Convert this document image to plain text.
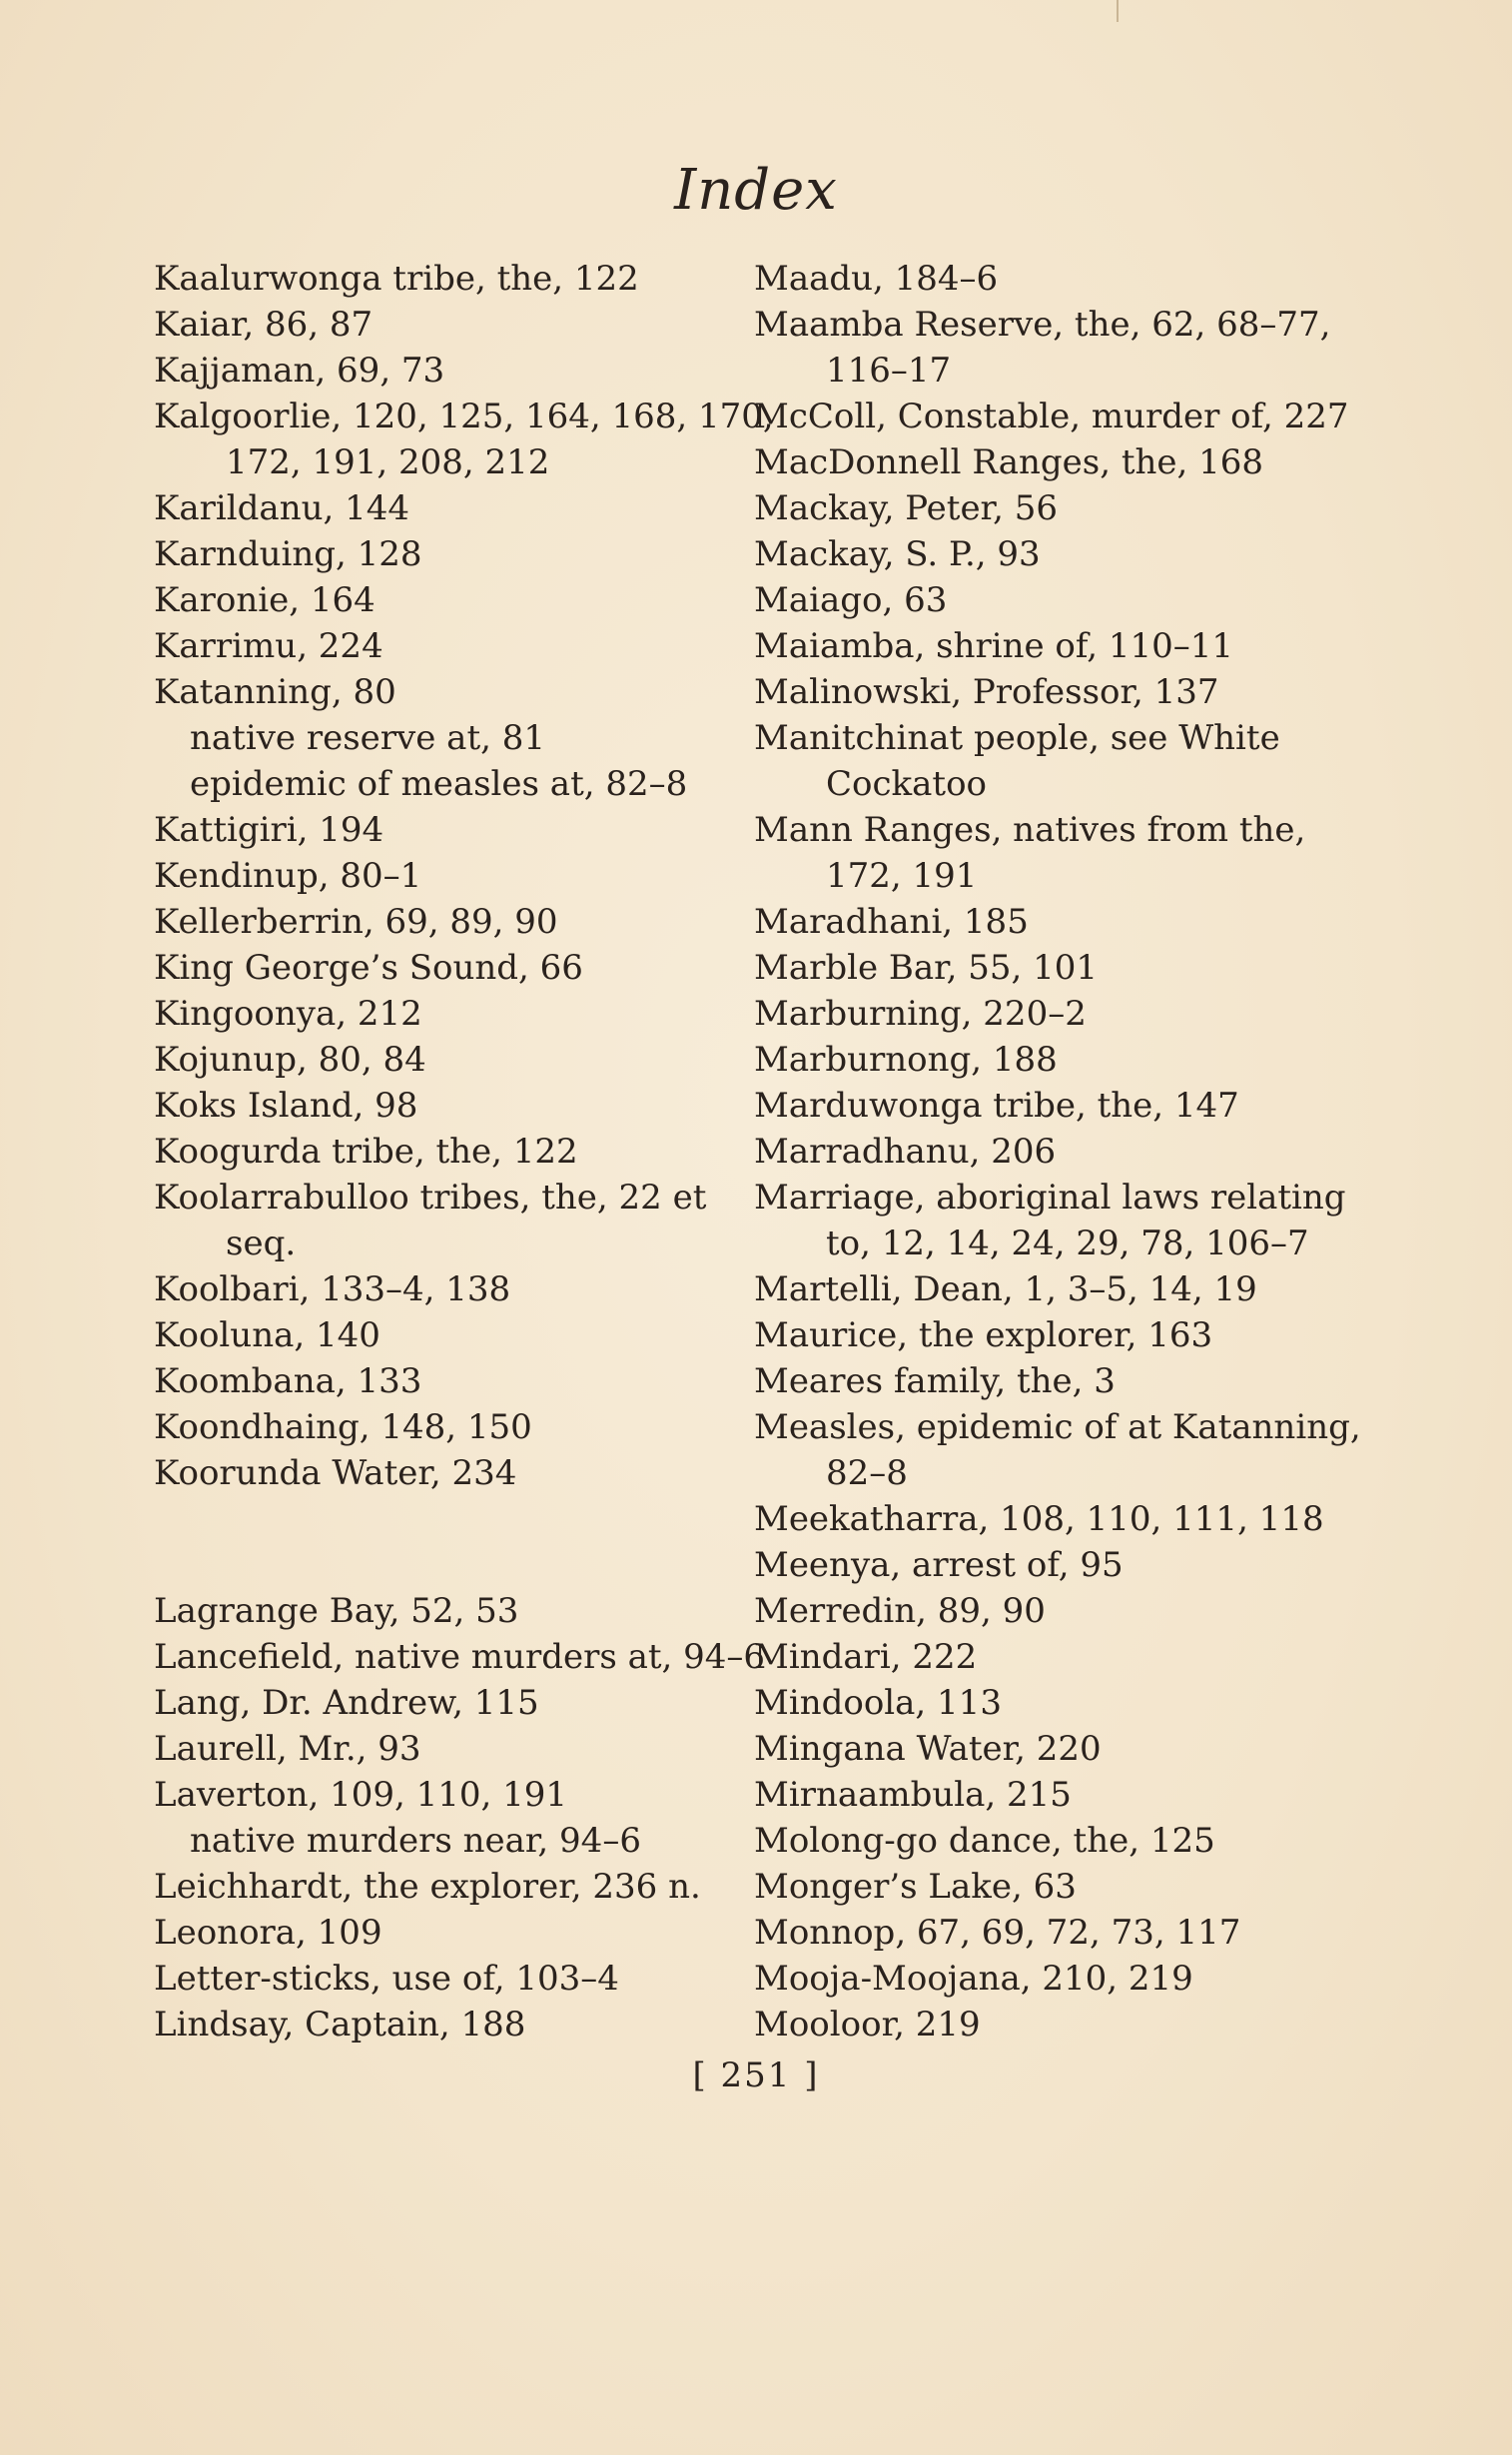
Index
Kaalurwonga tribe, the, 122
Kaiar, 86, 87
Kajjaman, 69, 73
Kalgoorlie, 120, 125, 164, 168, 170,
172, 191, 208, 212
Karildanu, 144
Karnduing, 128
Karonie, 164
Karrimu, 224
Katanning, 80
native reserve at, 81
epidemic of measles at, 82–8
Kattigiri, 194
Kendinup, 80–1
Kellerberrin, 69, 89, 90
King George’s Sound, 66
Kingoonya, 212
Kojunup, 80, 84
Koks Island, 98
Koogurda tribe, the, 122
Koolarrabulloo tribes, the, 22 et
seq.
Koolbari, 133–4, 138
Kooluna, 140
Koombana, 133
Koondhaing, 148, 150
Koorunda Water, 234
Lagrange Bay, 52, 53
Lancefield, native murders at, 94–6
Lang, Dr. Andrew, 115
Laurell, Mr., 93
Laverton, 109, 110, 191
native murders near, 94–6
Leichhardt, the explorer, 236 n.
Leonora, 109
Letter-sticks, use of, 103–4
Lindsay, Captain, 188
Maadu, 184–6
Maamba Reserve, the, 62, 68–77,
116–17
McColl, Constable, murder of, 227
MacDonnell Ranges, the, 168
Mackay, Peter, 56
Mackay, S. P., 93
Maiago, 63
Maiamba, shrine of, 110–11
Malinowski, Professor, 137
Manitchinat people, see White
Cockatoo
Mann Ranges, natives from the,
172, 191
Maradhani, 185
Marble Bar, 55, 101
Marburning, 220–2
Marburnong, 188
Marduwonga tribe, the, 147
Marradhanu, 206
Marriage, aboriginal laws relating
to, 12, 14, 24, 29, 78, 106–7
Martelli, Dean, 1, 3–5, 14, 19
Maurice, the explorer, 163
Meares family, the, 3
Measles, epidemic of at Katanning,
82–8
Meekatharra, 108, 110, 111, 118
Meenya, arrest of, 95
Merredin, 89, 90
Mindari, 222
Mindoola, 113
Mingana Water, 220
Mirnaambula, 215
Molong-go dance, the, 125
Monger’s Lake, 63
Monnop, 67, 69, 72, 73, 117
Mooja-Moojana, 210, 219
Mooloor, 219
[ 251 ]
